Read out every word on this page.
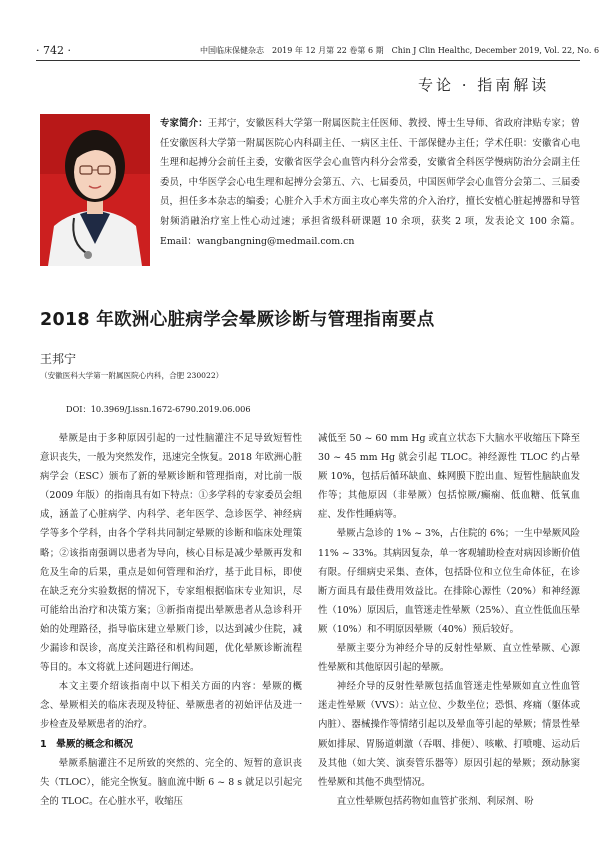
· 742 ·	中国临床保健杂志　2019 年 12 月第 22 卷第 6 期　Chin J Clin Healthc, December 2019, Vol. 22, No. 6
专论 · 指南解读
专家简介：王邦宁，安徽医科大学第一附属医院主任医师、教授、博士生导师、省政府津贴专家；曾任安徽医科大学第一附属医院心内科副主任、一病区主任、干部保健办主任；学术任职：安徽省心电生理和起搏分会前任主委，安徽省医学会心血管内科分会常委，安徽省全科医学慢病防治分会副主任委员，中华医学会心电生理和起搏分会第五、六、七届委员，中国医师学会心血管分会第二、三届委员，担任多本杂志的编委；心脏介入手术方面主攻心率失常的介入治疗，擅长安植心脏起搏器和导管射频消融治疗室上性心动过速；承担省级科研课题 10 余项，获奖 2 项，发表论文 100 余篇。Email：wangbangning@medmail.com.cn
2018 年欧洲心脏病学会晕厥诊断与管理指南要点
王邦宁
（安徽医科大学第一附属医院心内科，合肥 230022）
DOI：10.3969/J.issn.1672-6790.2019.06.006

晕厥是由于多种原因引起的一过性脑灌注不足导致短暂性意识丧失，一般为突然发作，迅速完全恢复。2018 年欧洲心脏病学会（ESC）颁布了新的晕厥诊断和管理指南，对比前一版（2009 年版）的指南具有如下特点：①多学科的专家委员会组成，涵盖了心脏病学、内科学、老年医学、急诊医学、神经病学等多个学科，由各个学科共同制定晕厥的诊断和临床处理策略；②该指南强调以患者为导向，核心目标是减少晕厥再发和危及生命的后果，重点是如何管理和治疗，基于此目标，即使在缺乏充分实验数据的情况下，专家组根据临床专业知识，尽可能给出治疗和决策方案；③新指南提出晕厥患者从急诊科开始的处理路径，指导临床建立晕厥门诊，以达到减少住院，减少漏诊和误诊，高度关注路径和机构间题，优化晕厥诊断流程等目的。本文将就上述问题进行阐述。

本文主要介绍该指南中以下相关方面的内容：晕厥的概念、晕厥相关的临床表现及特征、晕厥患者的初始评估及进一步检查及晕厥患者的治疗。

1　晕厥的概念和概况

晕厥系脑灌注不足所致的突然的、完全的、短暂的意识丧失（TLOC），能完全恢复。脑血流中断 6 ~ 8 s 就足以引起完全的 TLOC。在心脏水平，收缩压

减低至 50 ~ 60 mm Hg 或直立状态下大脑水平收缩压下降至 30 ~ 45 mm Hg 就会引起 TLOC。神经源性 TLOC 约占晕厥 10%，包括后循环缺血、蛛网膜下腔出血、短暂性脑缺血发作等；其他原因（非晕厥）包括惊厥/癫痫、低血糖、低氧血症、发作性睡病等。

晕厥占急诊的 1% ~ 3%，占住院的 6%；一生中晕厥风险 11% ~ 33%。其病因复杂，单一客观辅助检查对病因诊断价值有限。仔细病史采集、查体，包括卧位和立位生命体征，在诊断方面具有最佳费用效益比。在排除心源性（20%）和神经源性（10%）原因后，血管迷走性晕厥（25%）、直立性低血压晕厥（10%）和不明原因晕厥（40%）预后较好。

晕厥主要分为神经介导的反射性晕厥、直立性晕厥、心源性晕厥和其他原因引起的晕厥。

神经介导的反射性晕厥包括血管迷走性晕厥如直立性血管迷走性晕厥（VVS）：站立位、少数坐位；恐惧、疼痛（躯体或内脏）、器械操作等情绪引起以及晕血等引起的晕厥；情景性晕厥如排尿、胃肠道刺激（吞咽、排便）、咳嗽、打喷嚏、运动后及其他（如大笑、演奏管乐器等）原因引起的晕厥；颈动脉窦性晕厥和其他不典型情况。

直立性晕厥包括药物如血管扩张剂、利尿剂、吩
